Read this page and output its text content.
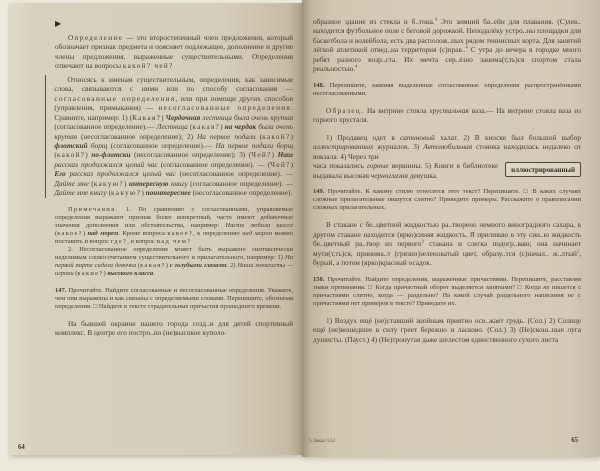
▶

Определение — это второстепенный член предложения, который обозначает признак предмета и поясняет подлежащее, дополнение и другие члены предложения, выраженные существительными. Определения отвечают на вопросы какой? чей?

Относясь к именам существительным, определения, как зависимые слова, связываются с ними или по способу согласования — согласованные определения, или при помощи других способов (управления, примыкания) — несогласованные определения. Сравните, например: 1) (Какая?) Чердачная лестница была очень крутая (согласованное определение).— Лестница (какая?) на чердак была очень крутая (несогласованное определение); 2) На первое подали (какой?) флотский борщ (согласованное определение).— На первое подали борщ (какой?) по-флотски (несогласованное определение); 3) (Чей?) Наш рассказ продолжался целый час (согласованное определение). — (Чей?) Его рассказ продолжался целый час (несогласованное определение). — Дайте мне (какую?) интересную книгу (согласованное определение). — Дайте мне книгу (какую?) поинтереснее (несогласованное определение).

Примечания. 1. По сравнению с согласованными, управляемые определения выражают признак более конкретный, часто имеют добавочные значения дополнения или обстоятельства, например: Настя любила шоссе (какое?) над морем. Кроме вопроса какое?, к определению над морем можно поставить и вопрос где?, и вопрос над чем?

2. Несогласованное определение может быть выражено синтаксически неделимым словосочетанием существительного и прилагательного, например: 1) На первой парте сидела девочка (какая?) с голубыми глазами. 2) Наши хоккеисты — игроки (какие?) высокого класса.

147. Прочитайте. Найдите согласованные и несогласованные определения. Укажите, чем они выражены и как связаны с определяемыми словами. Перепишите, обозначая определения. □ Найдите в тексте страдательные причастия прошедшего времени.

На бывшей окраине нашего города созд..н для детей спортивный комплекс. В центре его постро..но (не)высокое куполо-

64

образное здание из стекла и б..тона.$^4$ Это зимний ба..ейн для плавания. (С)лев.. находится футбольное поле с беговой дорожкой. Неподалёку устро..ны площадки для баскетбола и волейбола, есть два располож..ных рядом теннисных корта. Для занятий лёгкой атлетикой отвед..на территория (с)прав..$^4$ С утра до вечера в городке много ребят разного возр..ста. Их мечта сер..ёзно занима(т,ть)ся спортом стала реальностью.$^4$

148. Перепишите, заменяя выделенные согласованные определения распространёнными несогласованными.

Образец. На витрине стояла хрустальная ваза.— На витрине стояла ваза из горного хрусталя.

1) Продавец одет в сатиновый халат. 2) В киоске был большой выбор иллюстрированных журналов. 3) Автомобильная стоянка находилась недалеко от вокзала. 4) Через три

иллюстрированный

часа показались горные вершины. 5) Книги в библиотеке выдавала высокая черноглазая девушка.

149. Прочитайте. К какому стилю относится этот текст? Перепишите. □ В каких случаях сложные прилагательные пишутся слитно? Приведите примеры. Расскажите о правописании сложных прилагательных.

В стакане с бе..цветной жидкостью ра..творено немного виноградного сахара, в другом стакане находится (ярко)синяя жидкость. Я приливаю в эту син..ю жидкость бе..цветный ра..твор из первого$^3$ стакана и слегка подогр..ваю; она начинает мути(т,ть)ся, принима..т (грязно)зеленоватый цвет, образу..тся (с)начал.. ж..лтый$^1$, бурый, а потом (ярко)красный осадок.

150. Прочитайте. Найдите определения, выраженные причастиями. Перепишите, расставляя знаки препинания. □ Когда причастный оборот выделяется запятыми? □ Когда не пишется с причастиями слитно, когда — раздельно? На какой случай раздельного написания не с причастиями нет примеров в тексте? Приведите их.

1) Воздух ещё (не)ставший знойным приятно осв..жает грудь. (Сол.) 2) Солнце ещё (не)вошедшее в силу греет бережно и ласково. (Сол.) 3) (Не)скош..ные луга душисты. (Пауст.) 4) (Не)тронутая даже шелестом единственного сухого листа

5 Заказ 512	65
